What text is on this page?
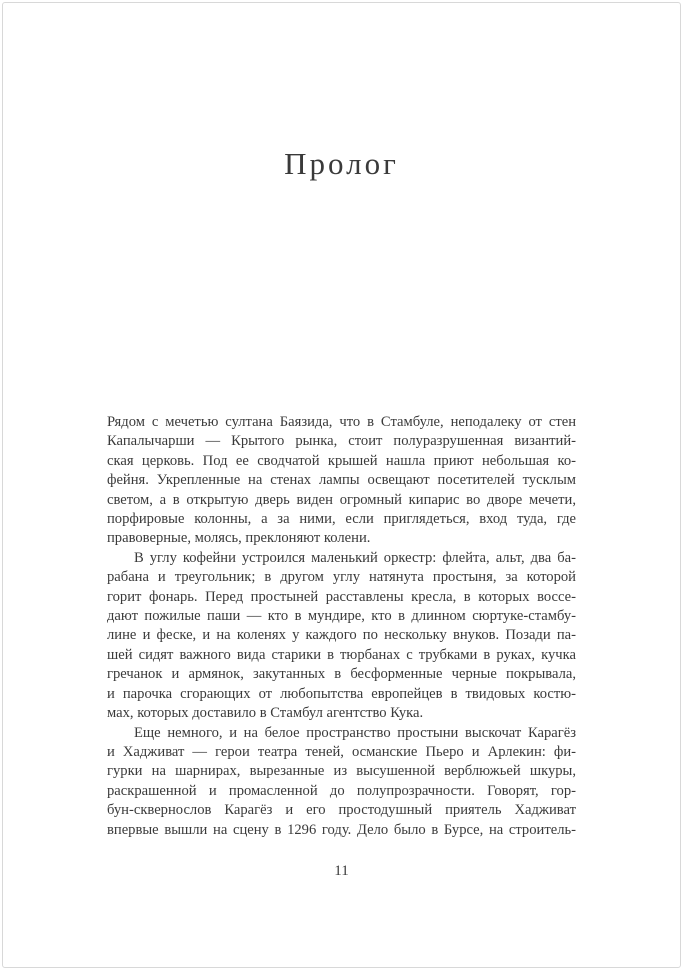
Пролог
Рядом с мечетью султана Баязида, что в Стамбуле, неподалеку от стен
Капалычарши — Крытого рынка, стоит полуразрушенная византий-
ская церковь. Под ее сводчатой крышей нашла приют небольшая ко-
фейня. Укрепленные на стенах лампы освещают посетителей тусклым
светом, а в открытую дверь виден огромный кипарис во дворе мечети,
порфировые колонны, а за ними, если приглядеться, вход туда, где
правоверные, молясь, преклоняют колени.
В углу кофейни устроился маленький оркестр: флейта, альт, два ба-
рабана и треугольник; в другом углу натянута простыня, за которой
горит фонарь. Перед простыней расставлены кресла, в которых воссе-
дают пожилые паши — кто в мундире, кто в длинном сюртуке-стамбу-
лине и феске, и на коленях у каждого по нескольку внуков. Позади па-
шей сидят важного вида старики в тюрбанах с трубками в руках, кучка
гречанок и армянок, закутанных в бесформенные черные покрывала,
и парочка сгорающих от любопытства европейцев в твидовых костю-
мах, которых доставило в Стамбул агентство Кука.
Еще немного, и на белое пространство простыни выскочат Карагёз
и Хадживат — герои театра теней, османские Пьеро и Арлекин: фи-
гурки на шарнирах, вырезанные из высушенной верблюжьей шкуры,
раскрашенной и промасленной до полупрозрачности. Говорят, гор-
бун-сквернослов Карагёз и его простодушный приятель Хадживат
впервые вышли на сцену в 1296 году. Дело было в Бурсе, на строитель-
11
